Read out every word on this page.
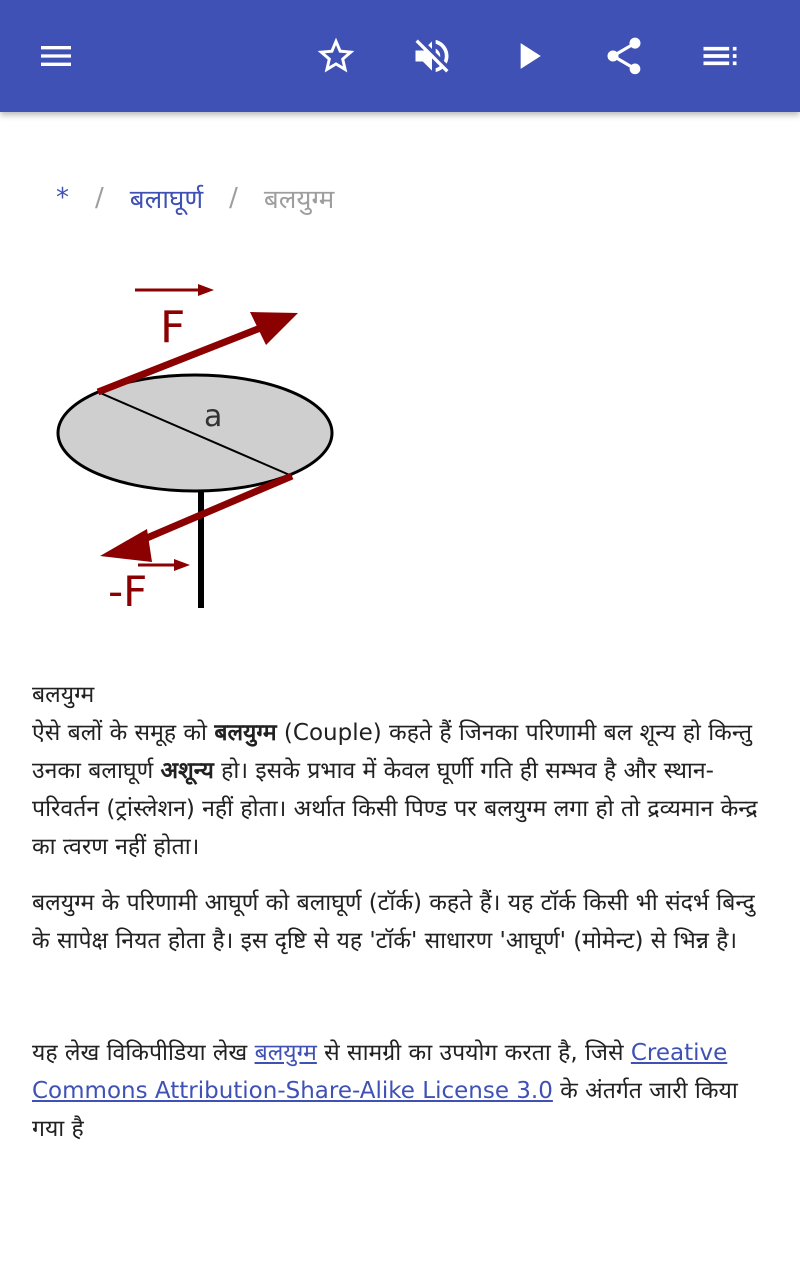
* / बलाघूर्ण / बलयुग्म
a
F
-F

बलयुग्म

ऐसे बलों के समूह को बलयुग्म (Couple) कहते हैं जिनका परिणामी बल शून्य हो किन्तु उनका बलाघूर्ण अशून्य हो। इसके प्रभाव में केवल घूर्णी गति ही सम्भव है और स्थान-परिवर्तन (ट्रांस्लेशन) नहीं होता। अर्थात किसी पिण्ड पर बलयुग्म लगा हो तो द्रव्यमान केन्द्र का त्वरण नहीं होता।

बलयुग्म के परिणामी आघूर्ण को बलाघूर्ण (टॉर्क) कहते हैं। यह टॉर्क किसी भी संदर्भ बिन्दु के सापेक्ष नियत होता है। इस दृष्टि से यह 'टॉर्क' साधारण 'आघूर्ण' (मोमेन्ट) से भिन्न है।

यह लेख विकिपीडिया लेख बलयुग्म से सामग्री का उपयोग करता है, जिसे Creative Commons Attribution-Share-Alike License 3.0 के अंतर्गत जारी किया गया है
